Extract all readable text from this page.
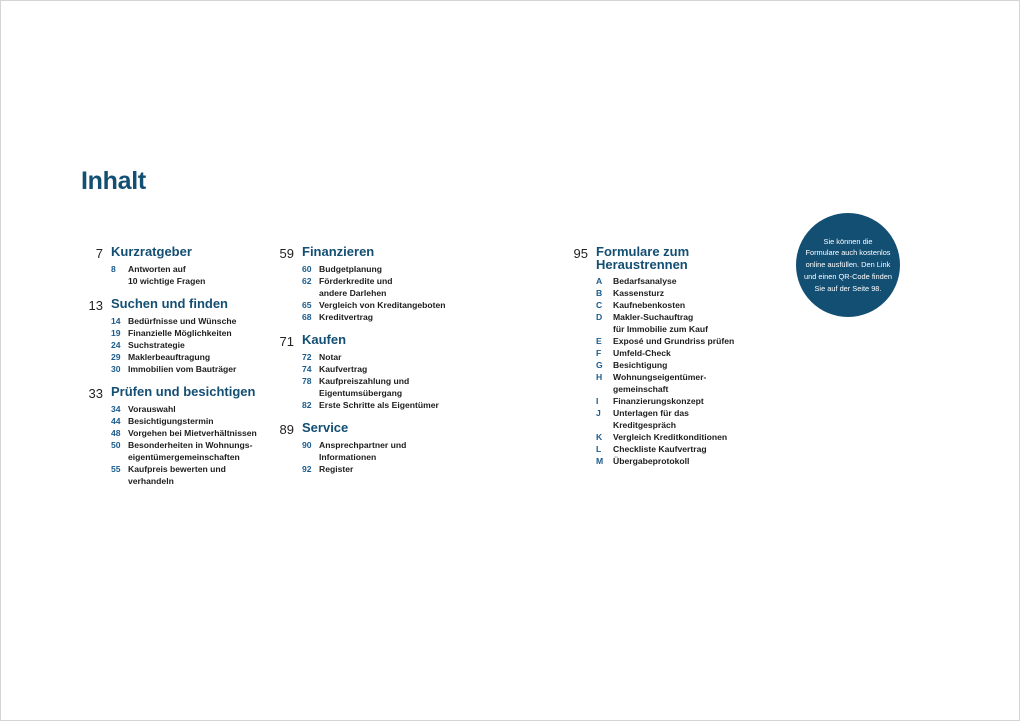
Inhalt
7 Kurzratgeber
8	Antworten auf
10 wichtige Fragen
13 Suchen und finden
14 Bedürfnisse und Wünsche
19 Finanzielle Möglichkeiten
24 Suchstrategie
29 Maklerbeauftragung
30 Immobilien vom Bauträger
33 Prüfen und besichtigen
34 Vorauswahl
44 Besichtigungstermin
48 Vorgehen bei Mietverhältnissen
50 Besonderheiten in Wohnungs-
eigentümergemeinschaften
55 Kaufpreis bewerten und
verhandeln
59 Finanzieren
60 Budgetplanung
62 Förderkredite und
andere Darlehen
65 Vergleich von Kreditangeboten
68 Kreditvertrag
71 Kaufen
72 Notar
74 Kaufvertrag
78 Kaufpreiszahlung und
Eigentumsübergang
82 Erste Schritte als Eigentümer
89 Service
90 Ansprechpartner und
Informationen
92 Register
95 Formulare zum Heraustrennen
A	Bedarfsanalyse
B	Kassensturz
C	Kaufnebenkosten
D	Makler-Suchauftrag
für Immobilie zum Kauf
E	Exposé und Grundriss prüfen
F	Umfeld-Check
G	Besichtigung
H	Wohnungseigentümer-
gemeinschaft
I	Finanzierungskonzept
J	Unterlagen für das
Kreditgespräch
K	Vergleich Kreditkonditionen
L	Checkliste Kaufvertrag
M	Übergabeprotokoll
Sie können die
Formulare auch kostenlos
online ausfüllen. Den Link
und einen QR-Code finden
Sie auf der Seite 98.
